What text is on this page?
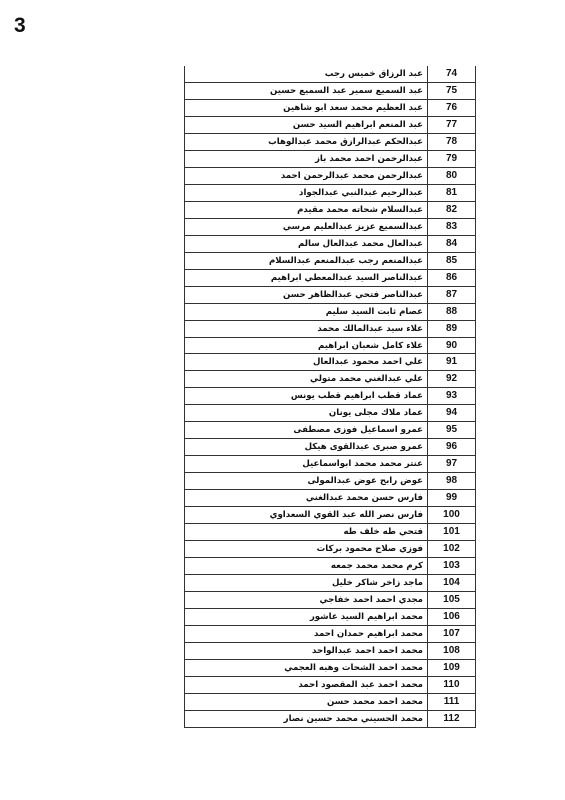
3
عبد الرزاق خميس رجب	74
عبد السميع سمير عبد السميع حسين	75
عبد العظيم محمد سعد ابو شاهين	76
عبد المنعم ابراهيم السيد حسن	77
عبدالحكم عبدالرازق محمد عبدالوهاب	78
عبدالرحمن احمد محمد باز	79
عبدالرحمن محمد عبدالرحمن احمد	80
عبدالرحيم عبدالنبي عبدالجواد	81
عبدالسلام شحاته محمد مقيدم	82
عبدالسميع عزيز عبدالعليم مرسي	83
عبدالعال محمد عبدالعال سالم	84
عبدالمنعم رجب عبدالمنعم عبدالسلام	85
عبدالناصر السيد عبدالمعطي ابراهيم	86
عبدالناصر فتحي عبدالظاهر حسن	87
عصام ثابت السيد سليم	88
علاء سيد عبدالمالك محمد	89
علاء كامل شعبان ابراهيم	90
علي احمد محمود عبدالعال	91
علي عبدالغني محمد متولي	92
عماد قطب ابراهيم قطب يونس	93
عماد ملاك مجلى يونان	94
عمرو اسماعيل فوزى مصطفى	95
عمرو صبرى عبدالقوى هيكل	96
عنتر محمد محمد ابواسماعيل	97
عوض رابح عوض عبدالمولى	98
فارس حسن محمد عبدالغني	99
فارس نصر الله عبد القوي السعداوي	100
فتحي طه خلف طه	101
فوزي صلاح محمود بركات	102
كرم محمد محمد جمعه	103
ماجد زاخر شاكر خليل	104
مجدي احمد احمد خفاجي	105
محمد ابراهيم السيد عاشور	106
محمد ابراهيم حمدان احمد	107
محمد احمد احمد عبدالواحد	108
محمد احمد الشحات وهبه العجمي	109
محمد احمد عبد المقصود احمد	110
محمد احمد محمد حسن	111
محمد الحسيني محمد حسين نصار	112
